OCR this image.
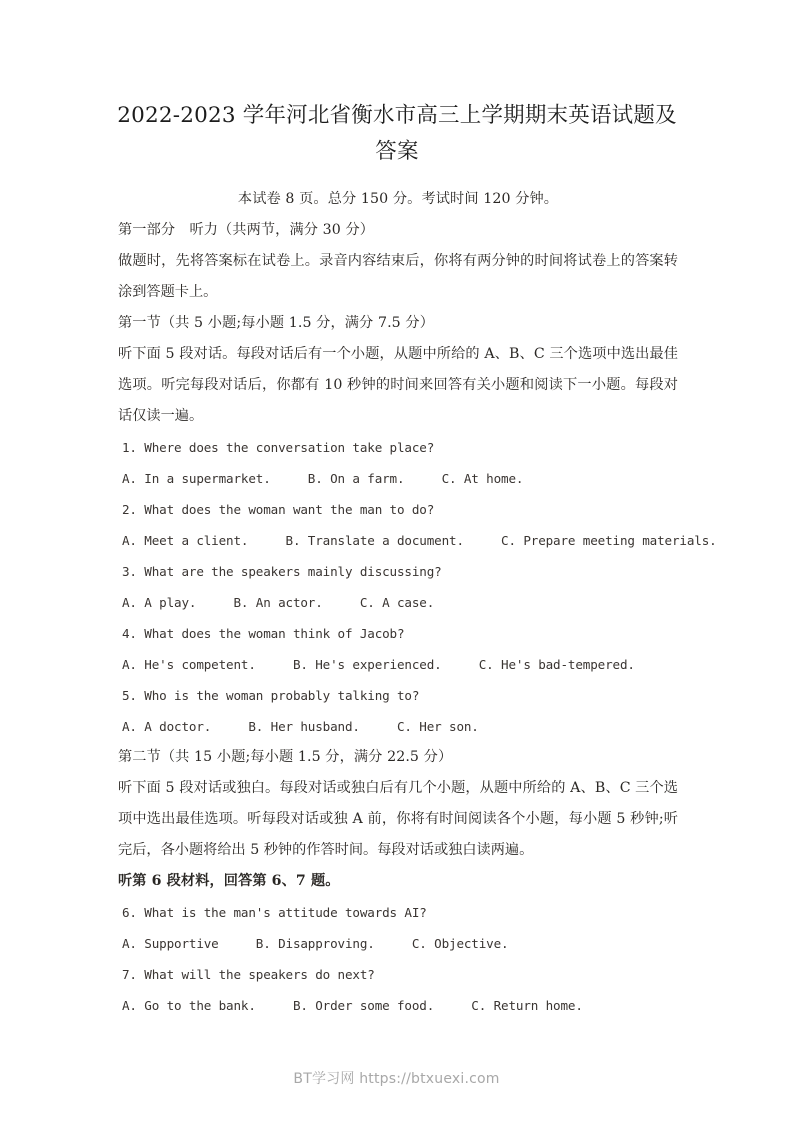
2022-2023 学年河北省衡水市高三上学期期末英语试题及答案
本试卷 8 页。总分 150 分。考试时间 120 分钟。
第一部分　听力（共两节，满分 30 分）
做题时，先将答案标在试卷上。录音内容结束后，你将有两分钟的时间将试卷上的答案转涂到答题卡上。
第一节（共 5 小题;每小题 1.5 分，满分 7.5 分）
听下面 5 段对话。每段对话后有一个小题，从题中所给的 A、B、C 三个选项中选出最佳选项。听完每段对话后，你都有 10 秒钟的时间来回答有关小题和阅读下一小题。每段对话仅读一遍。
1. Where does the conversation take place?
A. In a supermarket.     B. On a farm.     C. At home.
2. What does the woman want the man to do?
A. Meet a client.     B. Translate a document.     C. Prepare meeting materials.
3. What are the speakers mainly discussing?
A. A play.     B. An actor.     C. A case.
4. What does the woman think of Jacob?
A. He's competent.     B. He's experienced.     C. He's bad-tempered.
5. Who is the woman probably talking to?
A. A doctor.     B. Her husband.     C. Her son.
第二节（共 15 小题;每小题 1.5 分，满分 22.5 分）
听下面 5 段对话或独白。每段对话或独白后有几个小题，从题中所给的 A、B、C 三个选项中选出最佳选项。听每段对话或独 A 前，你将有时间阅读各个小题，每小题 5 秒钟;听完后，各小题将给出 5 秒钟的作答时间。每段对话或独白读两遍。
听第 6 段材料，回答第 6、7 题。
6. What is the man's attitude towards AI?
A. Supportive     B. Disapproving.     C. Objective.
7. What will the speakers do next?
A. Go to the bank.     B. Order some food.     C. Return home.
BT学习网 https://btxuexi.com
